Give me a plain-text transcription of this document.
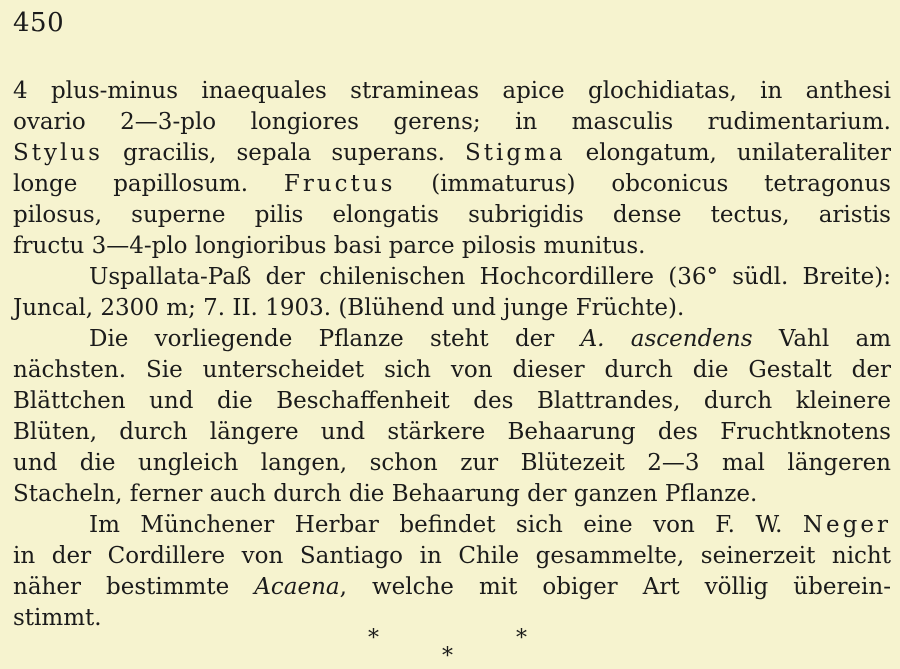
450
4 plus-minus inaequales stramineas apice glochidiatas, in anthesi
ovario 2—3-plo longiores gerens; in masculis rudimentarium.
Stylus gracilis, sepala superans. Stigma elongatum, unilateraliter
longe papillosum. Fructus (immaturus) obconicus tetragonus
pilosus, superne pilis elongatis subrigidis dense tectus, aristis
fructu 3—4-plo longioribus basi parce pilosis munitus.
Uspallata-Paß der chilenischen Hochcordillere (36° südl. Breite):
Juncal, 2300 m; 7. II. 1903. (Blühend und junge Früchte).
Die vorliegende Pflanze steht der A. ascendens Vahl am
nächsten. Sie unterscheidet sich von dieser durch die Gestalt der
Blättchen und die Beschaffenheit des Blattrandes, durch kleinere
Blüten, durch längere und stärkere Behaarung des Fruchtknotens
und die ungleich langen, schon zur Blütezeit 2—3 mal längeren
Stacheln, ferner auch durch die Behaarung der ganzen Pflanze.
Im Münchener Herbar befindet sich eine von F. W. Neger
in der Cordillere von Santiago in Chile gesammelte, seinerzeit nicht
näher bestimmte Acaena, welche mit obiger Art völlig überein-
stimmt.
*	*
*
